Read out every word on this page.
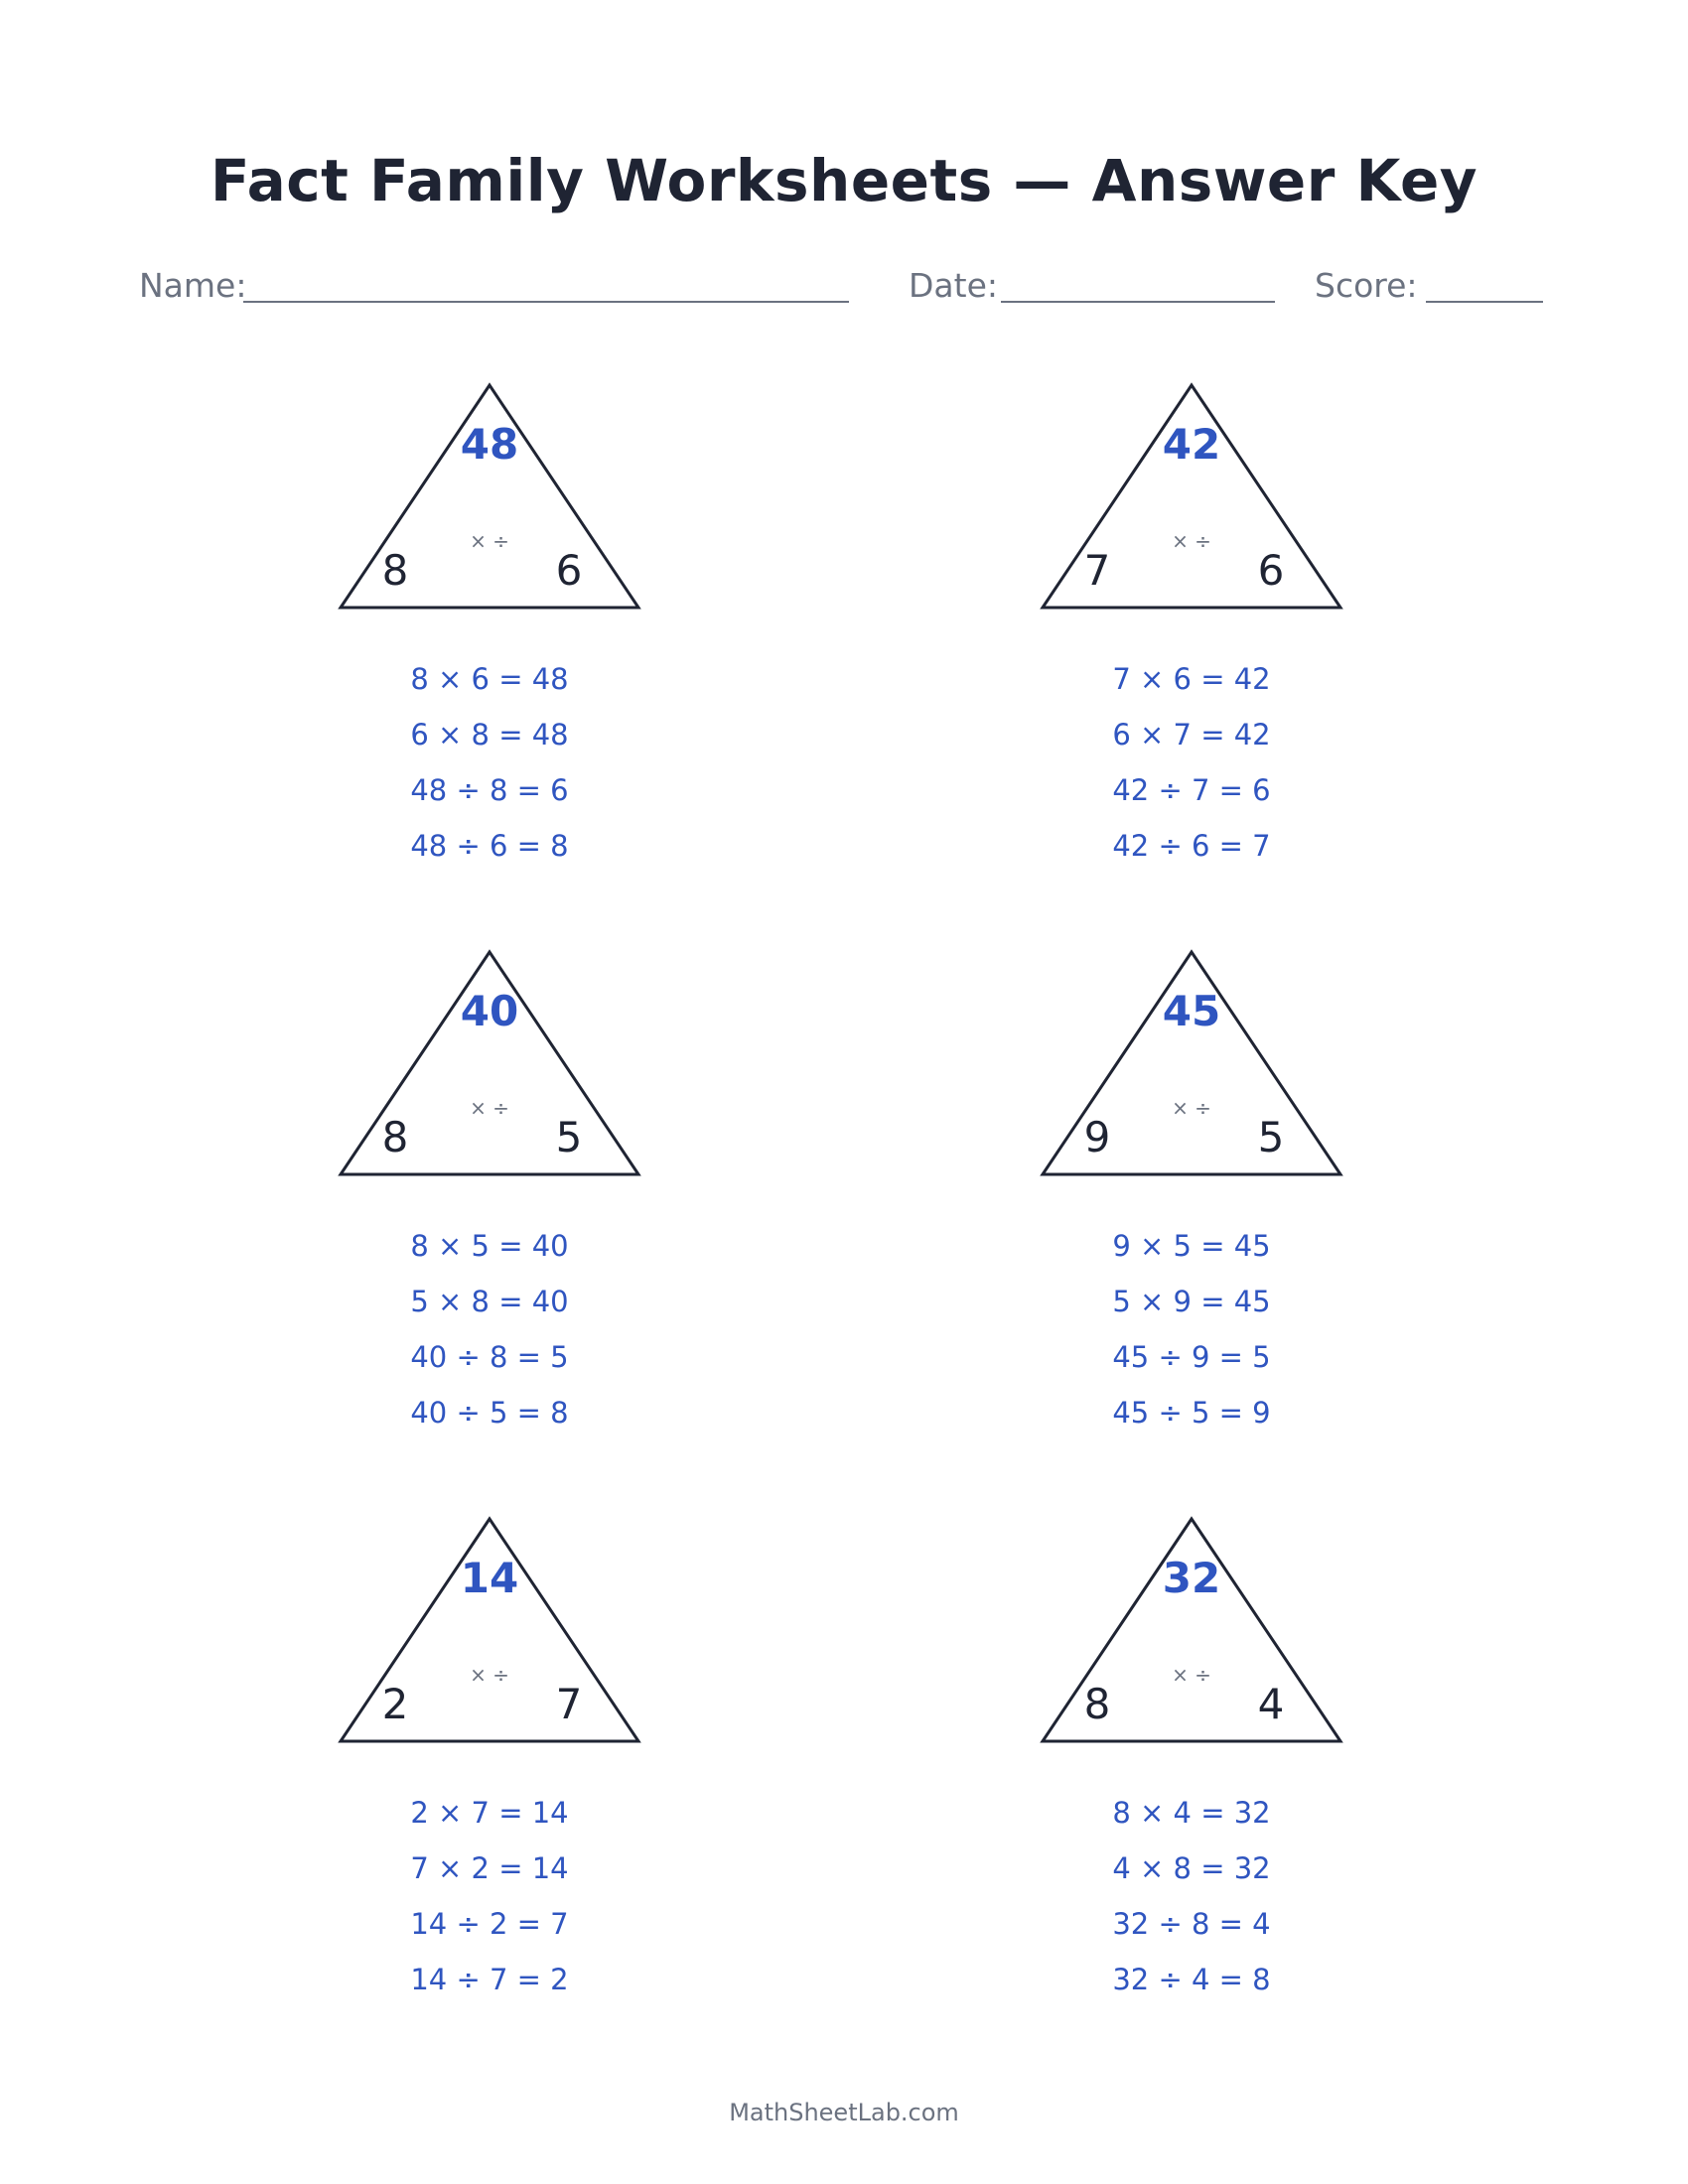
Fact Family Worksheets — Answer Key
Name:	Date:	Score:
48
× ÷
8	6
8 × 6 = 48
6 × 8 = 48
48 ÷ 8 = 6
48 ÷ 6 = 8
42
× ÷
7	6
7 × 6 = 42
6 × 7 = 42
42 ÷ 7 = 6
42 ÷ 6 = 7
40
× ÷
8	5
8 × 5 = 40
5 × 8 = 40
40 ÷ 8 = 5
40 ÷ 5 = 8
45
× ÷
9	5
9 × 5 = 45
5 × 9 = 45
45 ÷ 9 = 5
45 ÷ 5 = 9
14
× ÷
2	7
2 × 7 = 14
7 × 2 = 14
14 ÷ 2 = 7
14 ÷ 7 = 2
32
× ÷
8	4
8 × 4 = 32
4 × 8 = 32
32 ÷ 8 = 4
32 ÷ 4 = 8
MathSheetLab.com
